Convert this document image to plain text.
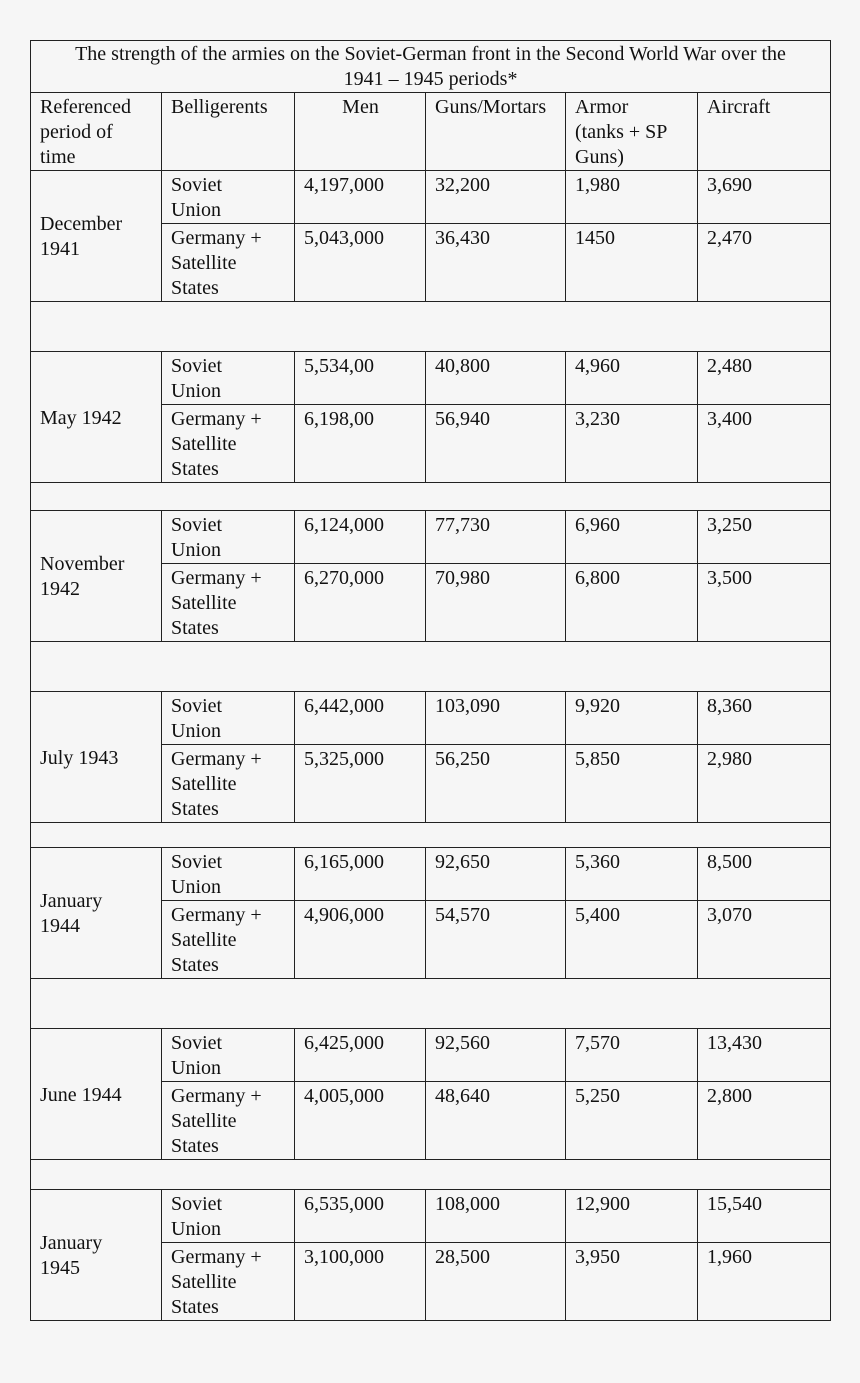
The strength of the armies on the Soviet-German front in the Second World War over the
1941 – 1945 periods*					

Referenced
period of
time	Belligerents	Men	Guns/Mortars	Armor
(tanks + SP
Guns)	Aircraft

December
1941	Soviet
Union	4,197,000	32,200	1,980	3,690

	Germany +
Satellite
States	5,043,000	36,430	1450	2,470

May 1942	Soviet
Union	5,534,00	40,800	4,960	2,480

	Germany +
Satellite
States	6,198,00	56,940	3,230	3,400

November
1942	Soviet
Union	6,124,000	77,730	6,960	3,250

	Germany +
Satellite
States	6,270,000	70,980	6,800	3,500

July 1943	Soviet
Union	6,442,000	103,090	9,920	8,360

	Germany +
Satellite
States	5,325,000	56,250	5,850	2,980

January
1944	Soviet
Union	6,165,000	92,650	5,360	8,500

	Germany +
Satellite
States	4,906,000	54,570	5,400	3,070

June 1944	Soviet
Union	6,425,000	92,560	7,570	13,430

	Germany +
Satellite
States	4,005,000	48,640	5,250	2,800

January
1945	Soviet
Union	6,535,000	108,000	12,900	15,540

	Germany +
Satellite
States	3,100,000	28,500	3,950	1,960
